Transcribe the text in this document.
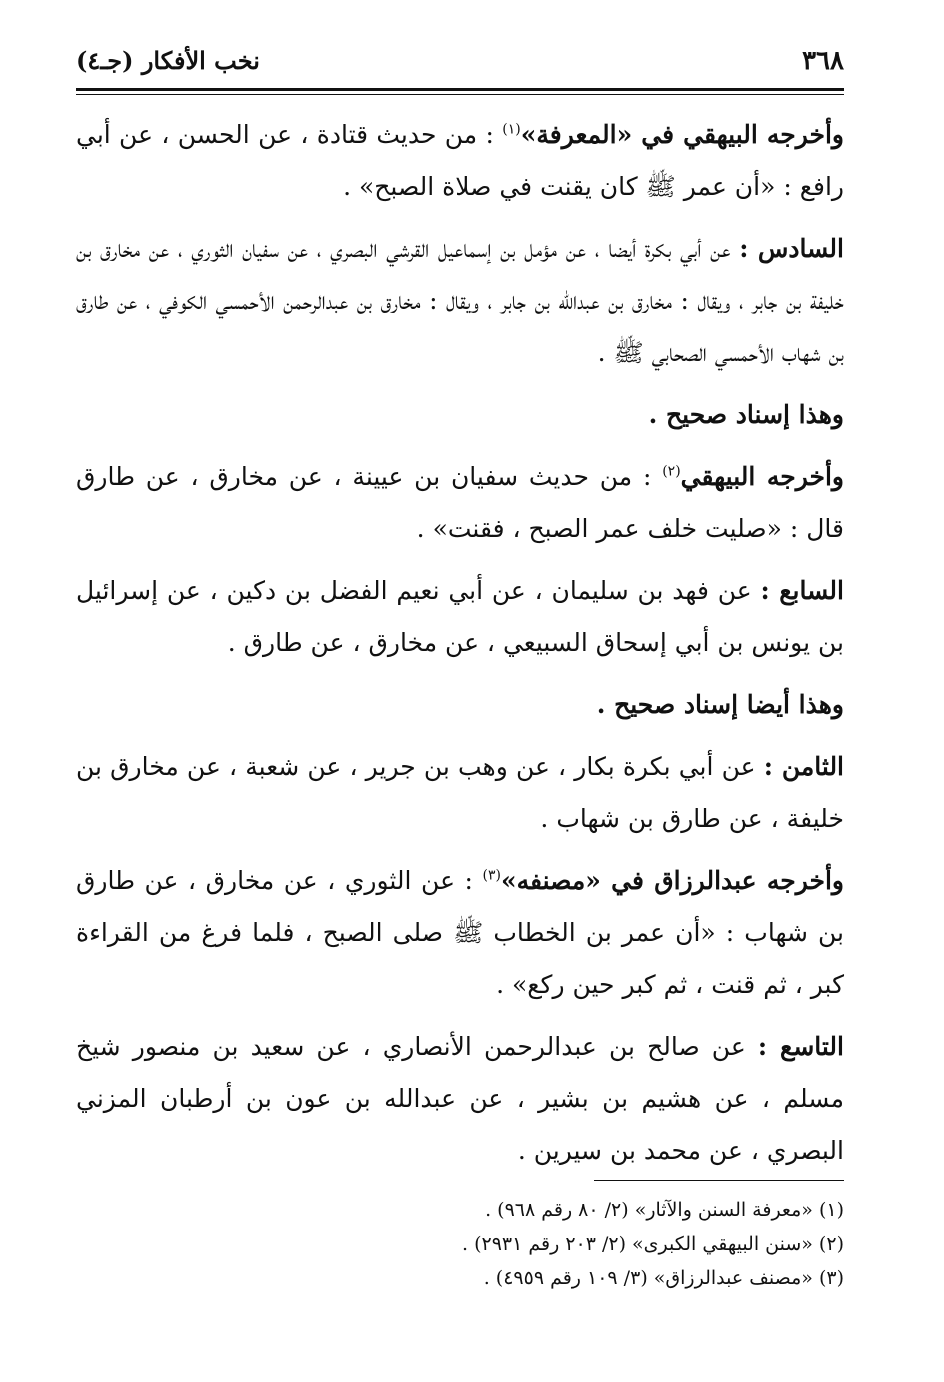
٣٦٨
نخب الأفكار (جـ٤)

وأخرجه البيهقي في «المعرفة»$^{(١)}$ : من حديث قتادة ، عن الحسن ، عن أبي رافع : «أن عمر ﷺ كان يقنت في صلاة الصبح» .

السادس : عن أبي بكرة أيضا ، عن مؤمل بن إسماعيل القرشي البصري ، عن سفيان الثوري ، عن مخارق بن خليفة بن جابر ، ويقال : مخارق بن عبدالله بن جابر ، ويقال : مخارق بن عبدالرحمن الأحمسي الكوفي ، عن طارق بن شهاب الأحمسي الصحابي ﷺ .

وهذا إسناد صحيح .

وأخرجه البيهقي$^{(٢)}$ : من حديث سفيان بن عيينة ، عن مخارق ، عن طارق قال : «صليت خلف عمر الصبح ، فقنت» .

السابع : عن فهد بن سليمان ، عن أبي نعيم الفضل بن دكين ، عن إسرائيل بن يونس بن أبي إسحاق السبيعي ، عن مخارق ، عن طارق .

وهذا أيضا إسناد صحيح .

الثامن : عن أبي بكرة بكار ، عن وهب بن جرير ، عن شعبة ، عن مخارق بن خليفة ، عن طارق بن شهاب .

وأخرجه عبدالرزاق في «مصنفه»$^{(٣)}$ : عن الثوري ، عن مخارق ، عن طارق بن شهاب : «أن عمر بن الخطاب ﷺ صلى الصبح ، فلما فرغ من القراءة كبر ، ثم قنت ، ثم كبر حين ركع» .

التاسع : عن صالح بن عبدالرحمن الأنصاري ، عن سعيد بن منصور شيخ مسلم ، عن هشيم بن بشير ، عن عبدالله بن عون بن أرطبان المزني البصري ، عن محمد بن سيرين .

(١) «معرفة السنن والآثار» (٢/ ٨٠ رقم ٩٦٨) .
(٢) «سنن البيهقي الكبرى» (٢/ ٢٠٣ رقم ٢٩٣١) .
(٣) «مصنف عبدالرزاق» (٣/ ١٠٩ رقم ٤٩٥٩) .
